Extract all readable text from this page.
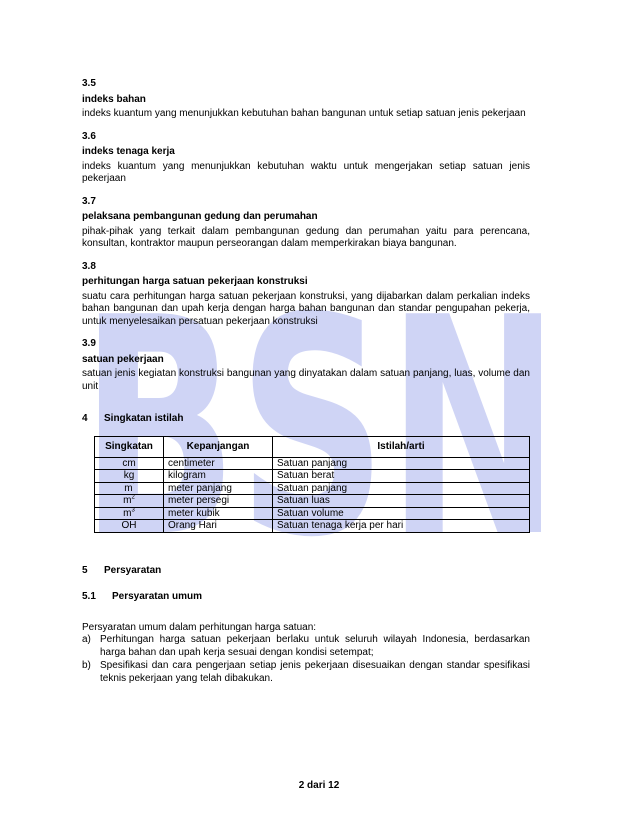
BSN
3.5
indeks bahan
indeks kuantum yang menunjukkan kebutuhan bahan bangunan untuk setiap satuan jenis pekerjaan
3.6
indeks tenaga kerja
indeks kuantum yang menunjukkan kebutuhan waktu untuk mengerjakan setiap satuan jenis pekerjaan
3.7
pelaksana pembangunan gedung dan perumahan
pihak-pihak yang terkait dalam pembangunan gedung dan perumahan yaitu para perencana, konsultan, kontraktor maupun perseorangan dalam memperkirakan biaya bangunan.
3.8
perhitungan harga satuan pekerjaan konstruksi
suatu cara perhitungan harga satuan pekerjaan konstruksi, yang dijabarkan dalam perkalian indeks bahan bangunan dan upah kerja dengan harga bahan bangunan dan standar pengupahan pekerja, untuk menyelesaikan persatuan pekerjaan konstruksi
3.9
satuan pekerjaan
satuan jenis kegiatan konstruksi bangunan yang dinyatakan dalam satuan panjang, luas, volume dan unit
4 Singkatan istilah
Singkatan	Kepanjangan	Istilah/arti
cm	centimeter	Satuan panjang
kg	kilogram	Satuan berat
m'	meter panjang	Satuan panjang
$m^2$	meter persegi	Satuan luas
$m^3$	meter kubik	Satuan volume
OH	Orang Hari	Satuan tenaga kerja per hari
5 Persyaratan
5.1 Persyaratan umum
Persyaratan umum dalam perhitungan harga satuan:
a) Perhitungan harga satuan pekerjaan berlaku untuk seluruh wilayah Indonesia, berdasarkan harga bahan dan upah kerja sesuai dengan kondisi setempat;
b) Spesifikasi dan cara pengerjaan setiap jenis pekerjaan disesuaikan dengan standar spesifikasi teknis pekerjaan yang telah dibakukan.
2 dari 12
